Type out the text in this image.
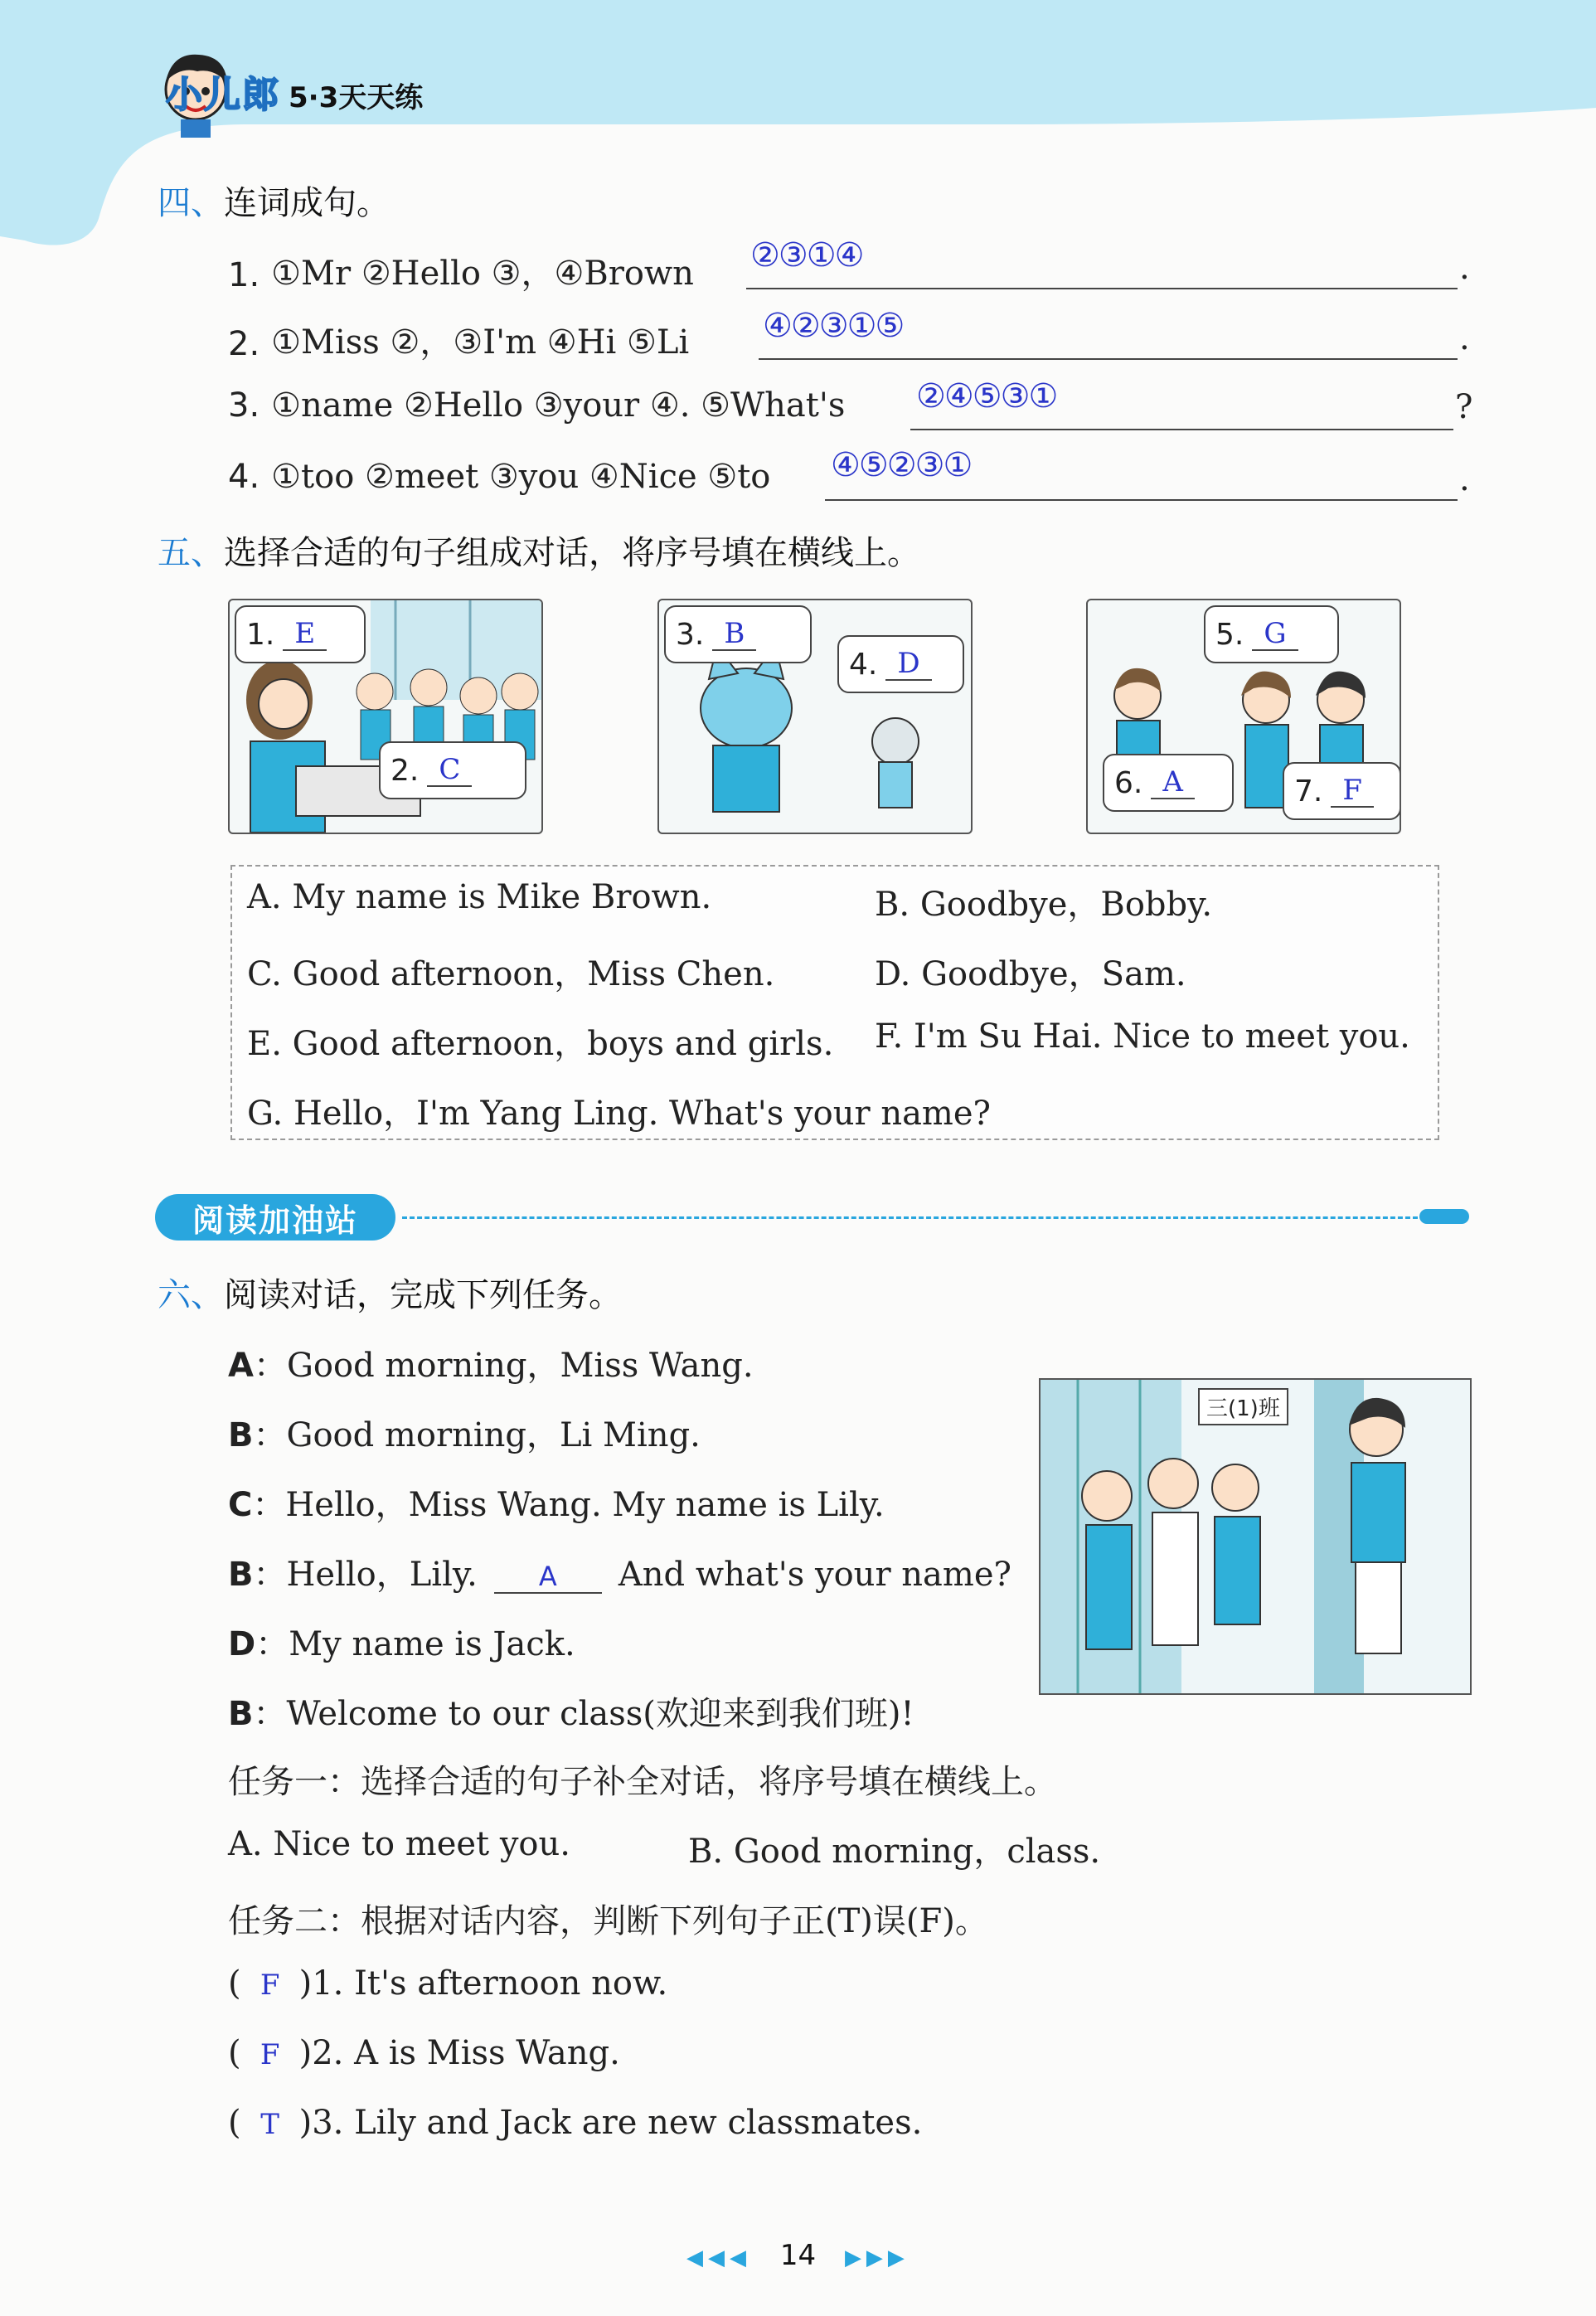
小儿郎 5·3天天练
四、连词成句。
1. ①Mr ②Hello ③，④Brown ②③①④	.
2. ①Miss ②，③I'm ④Hi ⑤Li ④②③①⑤	.
3. ①name ②Hello ③your ④. ⑤What's ②④⑤③①	?
4. ①too ②meet ③you ④Nice ⑤to ④⑤②③①	.
五、选择合适的句子组成对话，将序号填在横线上。
1. E
2. C
3. B
4. D
5. G
6. A	7. F
A. My name is Mike Brown.	B. Goodbye，Bobby.
C. Good afternoon，Miss Chen.	D. Goodbye，Sam.
E. Good afternoon，boys and girls. F. I'm Su Hai. Nice to meet you.
G. Hello，I'm Yang Ling. What's your name?
阅读加油站
六、阅读对话，完成下列任务。
A：Good morning，Miss Wang.
B：Good morning，Li Ming.
C：Hello，Miss Wang. My name is Lily.
B：Hello，Lily. A And what's your name?
D：My name is Jack.
B：Welcome to our class(欢迎来到我们班)!
三(1)班
任务一：选择合适的句子补全对话，将序号填在横线上。
A. Nice to meet you.	B. Good morning，class.
任务二：根据对话内容，判断下列句子正(T)误(F)。
( F )1. It's afternoon now.
( F )2. A is Miss Wang.
( T )3. Lily and Jack are new classmates.
◀◀◀ 14 ▶▶▶
